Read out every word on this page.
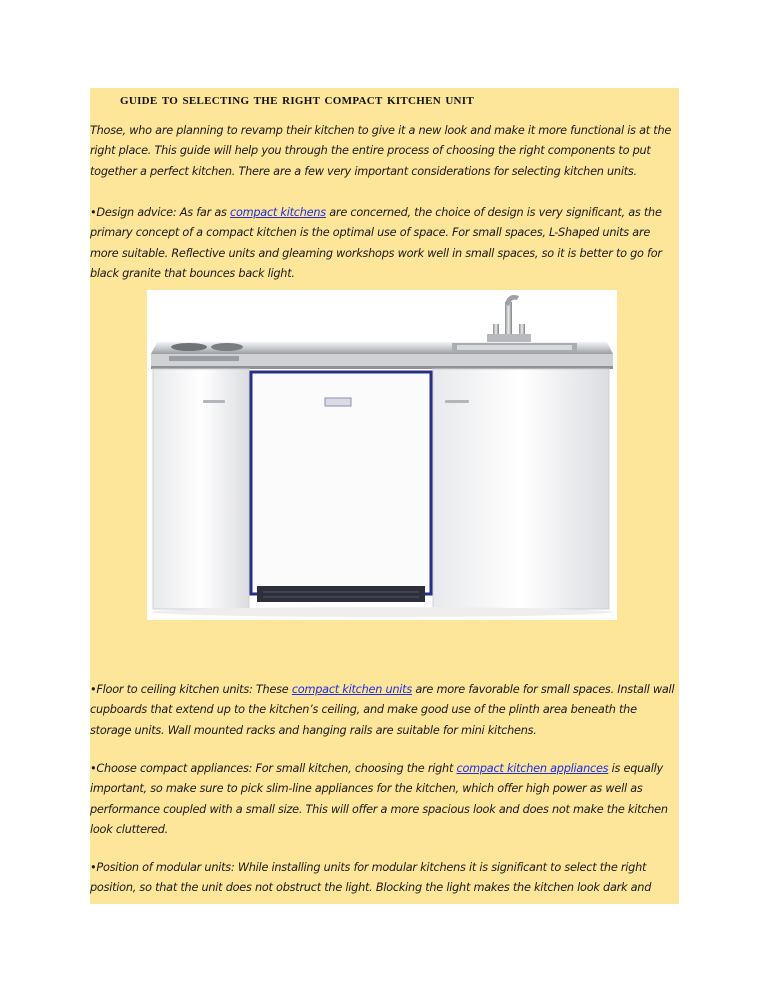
guide to selecting the right compact kitchen unit

Those, who are planning to revamp their kitchen to give it a new look and make it more functional is at the right place. This guide will help you through the entire process of choosing the right components to put together a perfect kitchen. There are a few very important considerations for selecting kitchen units.

•Design advice: As far as compact kitchens are concerned, the choice of design is very significant, as the primary concept of a compact kitchen is the optimal use of space. For small spaces, L-Shaped units are more suitable. Reflective units and gleaming workshops work well in small spaces, so it is better to go for black granite that bounces back light.

•Floor to ceiling kitchen units: These compact kitchen units are more favorable for small spaces. Install wall cupboards that extend up to the kitchen’s ceiling, and make good use of the plinth area beneath the storage units. Wall mounted racks and hanging rails are suitable for mini kitchens.

•Choose compact appliances: For small kitchen, choosing the right compact kitchen appliances is equally important, so make sure to pick slim-line appliances for the kitchen, which offer high power as well as performance coupled with a small size. This will offer a more spacious look and does not make the kitchen look cluttered.

•Position of modular units: While installing units for modular kitchens it is significant to select the right position, so that the unit does not obstruct the light. Blocking the light makes the kitchen look dark and
